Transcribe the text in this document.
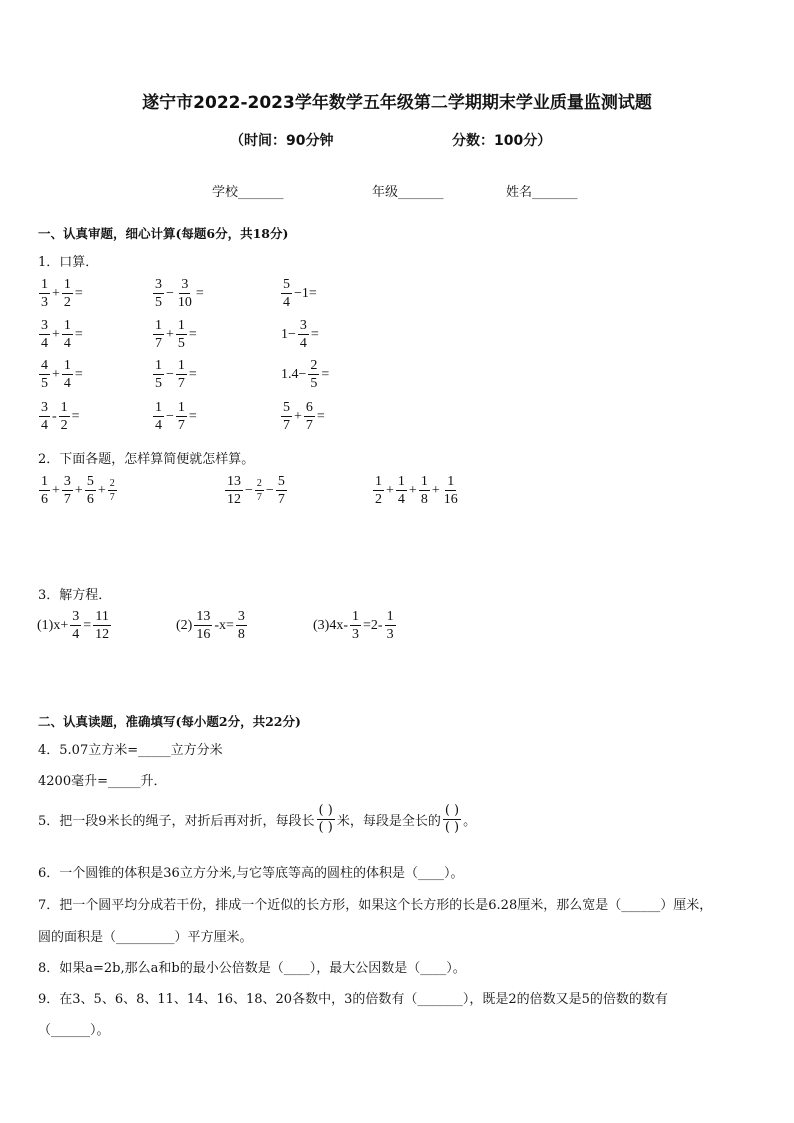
遂宁市2022-2023学年数学五年级第二学期期末学业质量监测试题
（时间：90分钟	分数：100分）
学校_______	年级_______	姓名_______
一、认真审题，细心计算(每题6分，共18分)
1．口算．
$\frac{1}{3} + \frac{1}{2}$ =	$\frac{3}{5} - \frac{3}{10}$ =	$\frac{5}{4} -1=$
$\frac{3}{4} + \frac{1}{4}$ =	$\frac{1}{7} + \frac{1}{5}$ =	$1- \frac{3}{4}$ =
$\frac{4}{5} + \frac{1}{4}$ =	$\frac{1}{5} - \frac{1}{7}$ =	$1.4- \frac{2}{5}$ =
$\frac{3}{4} - \frac{1}{2}$ =	$\frac{1}{4} - \frac{1}{7}$ =	$\frac{5}{7} + \frac{6}{7}$ =
2．下面各题，怎样算简便就怎样算。
$\frac{1}{6} + \frac{3}{7} + \frac{5}{6} + \frac{2}{7}$	$\frac{13}{12} - \frac{2}{7} - \frac{5}{7}$	$\frac{1}{2} + \frac{1}{4} + \frac{1}{8} + \frac{1}{16}$
3．解方程．
$(1)x+ \frac{3}{4} = \frac{11}{12}$	$(2) \frac{13}{16} -x= \frac{3}{8}$	$(3)4x- \frac{1}{3} =2- \frac{1}{3}$
二、认真读题，准确填写(每小题2分，共22分)
4．5.07立方米=_____立方分米
4200毫升=_____升．
5．把一段9米长的绳子，对折后再对折，每段长 $\frac{( )}{( )}$ 米，每段是全长的 $\frac{( )}{( )}$ 。
6．一个圆锥的体积是36立方分米,与它等底等高的圆柱的体积是（____）。
7．把一个圆平均分成若干份，排成一个近似的长方形，如果这个长方形的长是6.28厘米，那么宽是（______）厘米，
圆的面积是（_________）平方厘米。
8．如果a=2b,那么a和b的最小公倍数是（____），最大公因数是（____）。
9．在3、5、6、8、11、14、16、18、20各数中，3的倍数有（_______），既是2的倍数又是5的倍数的数有
（______）。
